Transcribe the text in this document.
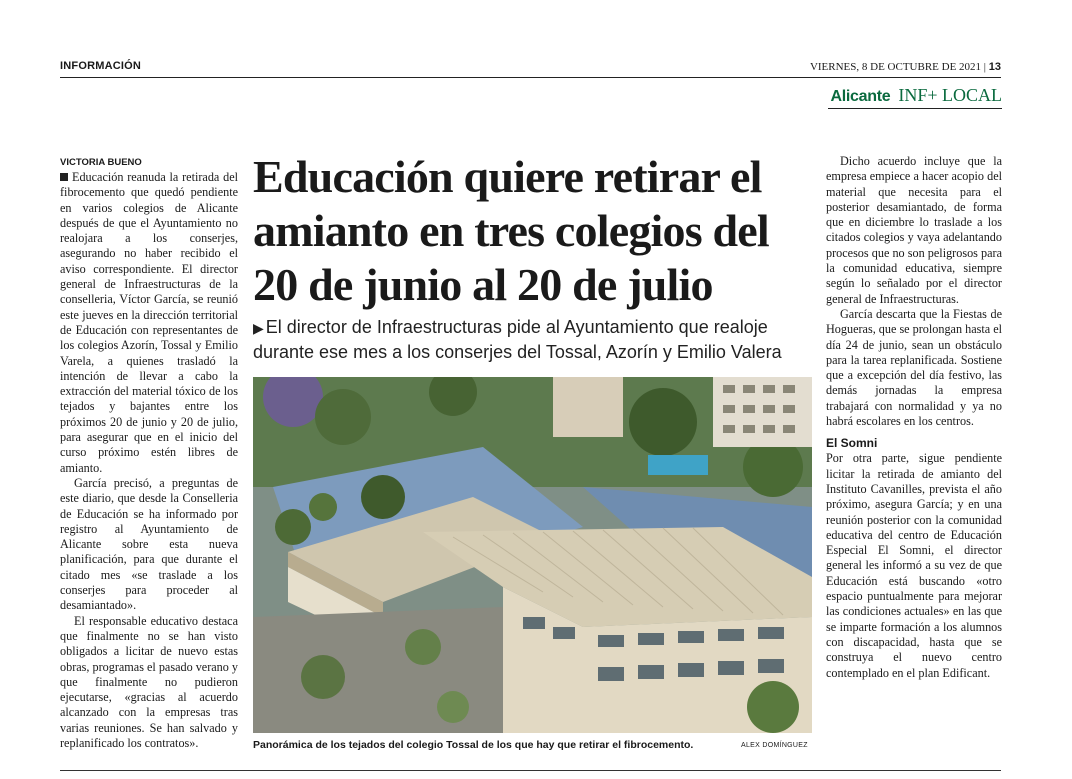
INFORMACIÓN	VIERNES, 8 DE OCTUBRE DE 2021 | 13
Alicante INF+ LOCAL
VICTORIA BUENO

Educación reanuda la retirada del fibrocemento que quedó pendiente en varios colegios de Alicante después de que el Ayuntamiento no realojara a los conserjes, asegurando no haber recibido el aviso correspondiente. El director general de Infraestructuras de la conselleria, Víctor García, se reunió este jueves en la dirección territorial de Educación con representantes de los colegios Azorín, Tossal y Emilio Varela, a quienes trasladó la intención de llevar a cabo la extracción del material tóxico de los tejados y bajantes entre los próximos 20 de junio y 20 de julio, para asegurar que en el inicio del curso próximo estén libres de amianto.

García precisó, a preguntas de este diario, que desde la Conselleria de Educación se ha informado por registro al Ayuntamiento de Alicante sobre esta nueva planificación, para que durante el citado mes «se traslade a los conserjes para proceder al desamiantado».

El responsable educativo destaca que finalmente no se han visto obligados a licitar de nuevo estas obras, programas el pasado verano y que finalmente no pudieron ejecutarse, «gracias al acuerdo alcanzado con la empresas tras varias reuniones. Se han salvado y replanificado los contratos».

Educación quiere retirar el amianto en tres colegios del 20 de junio al 20 de julio
▶ El director de Infraestructuras pide al Ayuntamiento que realoje durante ese mes a los conserjes del Tossal, Azorín y Emilio Valera
Panorámica de los tejados del colegio Tossal de los que hay que retirar el fibrocemento.	ALEX DOMÍNGUEZ

Dicho acuerdo incluye que la empresa empiece a hacer acopio del material que necesita para el posterior desamiantado, de forma que en diciembre lo traslade a los citados colegios y vaya adelantando procesos que no son peligrosos para la comunidad educativa, siempre según lo señalado por el director general de Infraestructuras.

García descarta que la Fiestas de Hogueras, que se prolongan hasta el día 24 de junio, sean un obstáculo para la tarea replanificada. Sostiene que a excepción del día festivo, las demás jornadas la empresa trabajará con normalidad y ya no habrá escolares en los centros.

El Somni

Por otra parte, sigue pendiente licitar la retirada de amianto del Instituto Cavanilles, prevista el año próximo, asegura García; y en una reunión posterior con la comunidad educativa del centro de Educación Especial El Somni, el director general les informó a su vez de que Educación está buscando «otro espacio puntualmente para mejorar las condiciones actuales» en las que se imparte formación a los alumnos con discapacidad, hasta que se construya el nuevo centro contemplado en el plan Edificant.
